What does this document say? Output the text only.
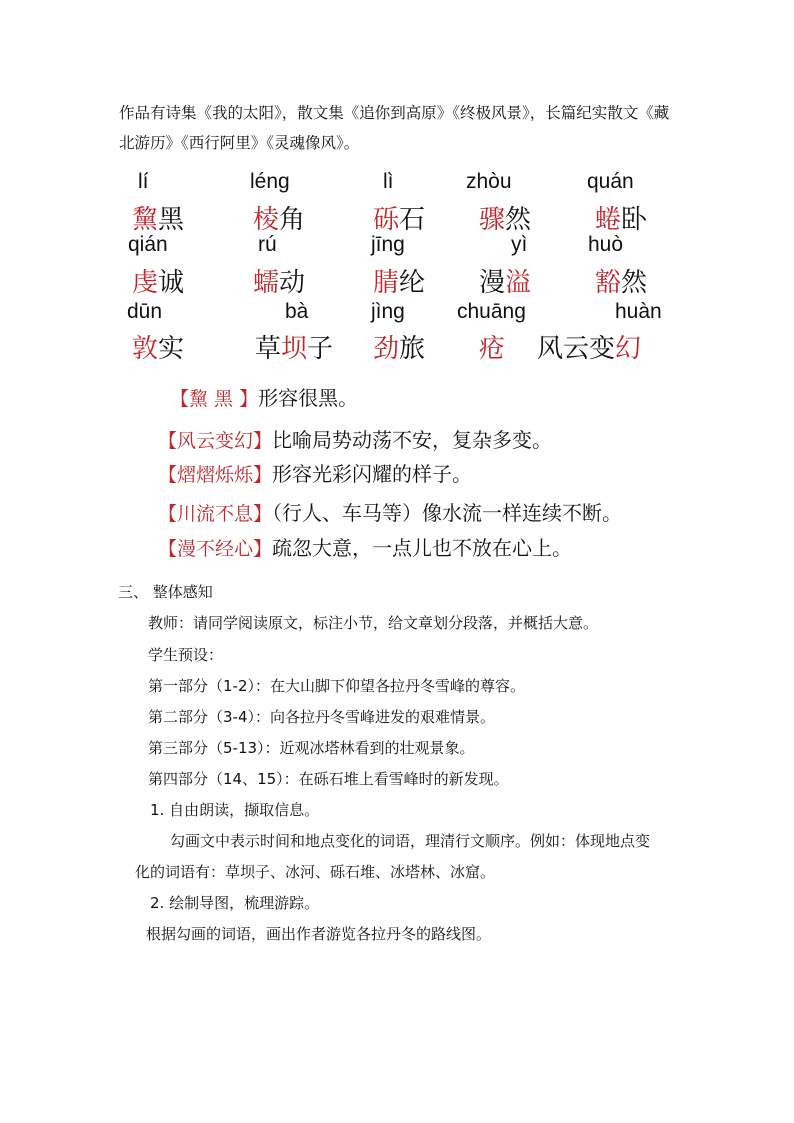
作品有诗集《我的太阳》，散文集《追你到高原》《终极风景》，长篇纪实散文《藏
北游历》《西行阿里》《灵魂像风》。
lí	léng	lì	zhòu	quán
黧黑	棱角	砾石 骤然 蜷卧
qián	rú	jīng	yì	huò
虔诚	蠕动	腈纶 漫溢 豁然
dūn	bà	jìng chuāng	huàn
敦实	草坝子 劲旅 疮 风云变幻
【黧 黑 】形容很黑。
【风云变幻】比喻局势动荡不安，复杂多变。
【熠熠烁烁】形容光彩闪耀的样子。
【川流不息】（行人、车马等）像水流一样连续不断。
【漫不经心】疏忽大意，一点儿也不放在心上。
三、 整体感知
教师：请同学阅读原文，标注小节，给文章划分段落，并概括大意。
学生预设：
第一部分（1-2）：在大山脚下仰望各拉丹冬雪峰的尊容。
第二部分（3-4）：向各拉丹冬雪峰进发的艰难情景。
第三部分（5-13）：近观冰塔林看到的壮观景象。
第四部分（14、15）：在砾石堆上看雪峰时的新发现。
1. 自由朗读，撷取信息。
勾画文中表示时间和地点变化的词语，理清行文顺序。例如：体现地点变
化的词语有：草坝子、冰河、砾石堆、冰塔林、冰窟。
2. 绘制导图，梳理游踪。
根据勾画的词语，画出作者游览各拉丹冬的路线图。
